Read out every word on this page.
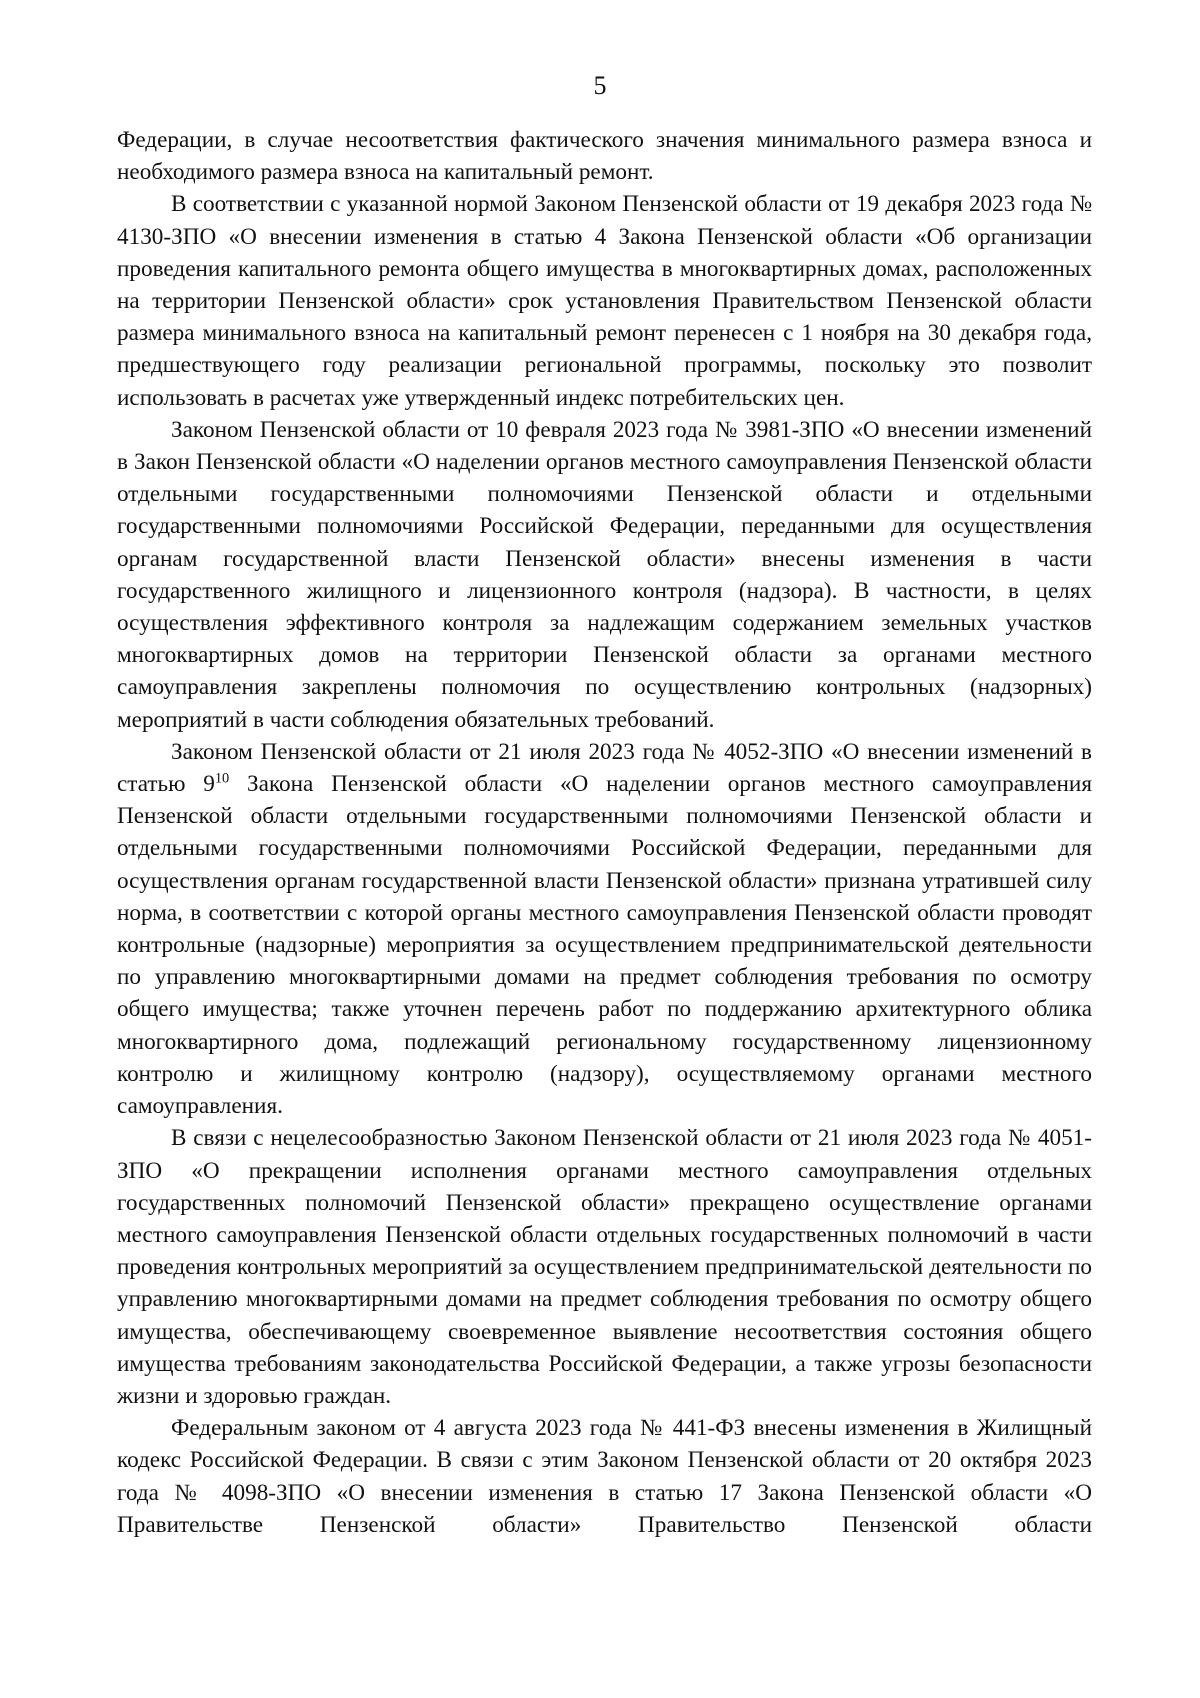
5

Федерации, в случае несоответствия фактического значения минимального размера взноса и необходимого размера взноса на капитальный ремонт.

В соответствии с указанной нормой Законом Пензенской области от 19 декабря 2023 года № 4130-ЗПО «О внесении изменения в статью 4 Закона Пензенской области «Об организации проведения капитального ремонта общего имущества в многоквартирных домах, расположенных на территории Пензенской области» срок установления Правительством Пензенской области размера минимального взноса на капитальный ремонт перенесен с 1 ноября на 30 декабря года, предшествующего году реализации региональной программы, поскольку это позволит использовать в расчетах уже утвержденный индекс потребительских цен.

Законом Пензенской области от 10 февраля 2023 года № 3981-ЗПО «О внесении изменений в Закон Пензенской области «О наделении органов местного самоуправления Пензенской области отдельными государственными полномочиями Пензенской области и отдельными государственными полномочиями Российской Федерации, переданными для осуществления органам государственной власти Пензенской области» внесены изменения в части государственного жилищного и лицензионного контроля (надзора). В частности, в целях осуществления эффективного контроля за надлежащим содержанием земельных участков многоквартирных домов на территории Пензенской области за органами местного самоуправления закреплены полномочия по осуществлению контрольных (надзорных) мероприятий в части соблюдения обязательных требований.

Законом Пензенской области от 21 июля 2023 года № 4052-ЗПО «О внесении изменений в статью $9^{10}$ Закона Пензенской области «О наделении органов местного самоуправления Пензенской области отдельными государственными полномочиями Пензенской области и отдельными государственными полномочиями Российской Федерации, переданными для осуществления органам государственной власти Пензенской области» признана утратившей силу норма, в соответствии с которой органы местного самоуправления Пензенской области проводят контрольные (надзорные) мероприятия за осуществлением предпринимательской деятельности по управлению многоквартирными домами на предмет соблюдения требования по осмотру общего имущества; также уточнен перечень работ по поддержанию архитектурного облика многоквартирного дома, подлежащий региональному государственному лицензионному контролю и жилищному контролю (надзору), осуществляемому органами местного самоуправления.

В связи с нецелесообразностью Законом Пензенской области от 21 июля 2023 года № 4051-ЗПО «О прекращении исполнения органами местного самоуправления отдельных государственных полномочий Пензенской области» прекращено осуществление органами местного самоуправления Пензенской области отдельных государственных полномочий в части проведения контрольных мероприятий за осуществлением предпринимательской деятельности по управлению многоквартирными домами на предмет соблюдения требования по осмотру общего имущества, обеспечивающему своевременное выявление несоответствия состояния общего имущества требованиям законодательства Российской Федерации, а также угрозы безопасности жизни и здоровью граждан.

Федеральным законом от 4 августа 2023 года № 441-ФЗ внесены изменения в Жилищный кодекс Российской Федерации. В связи с этим Законом Пензенской области от 20 октября 2023 года № 4098-ЗПО «О внесении изменения в статью 17 Закона Пензенской области «О Правительстве Пензенской области» Правительство Пензенской области
